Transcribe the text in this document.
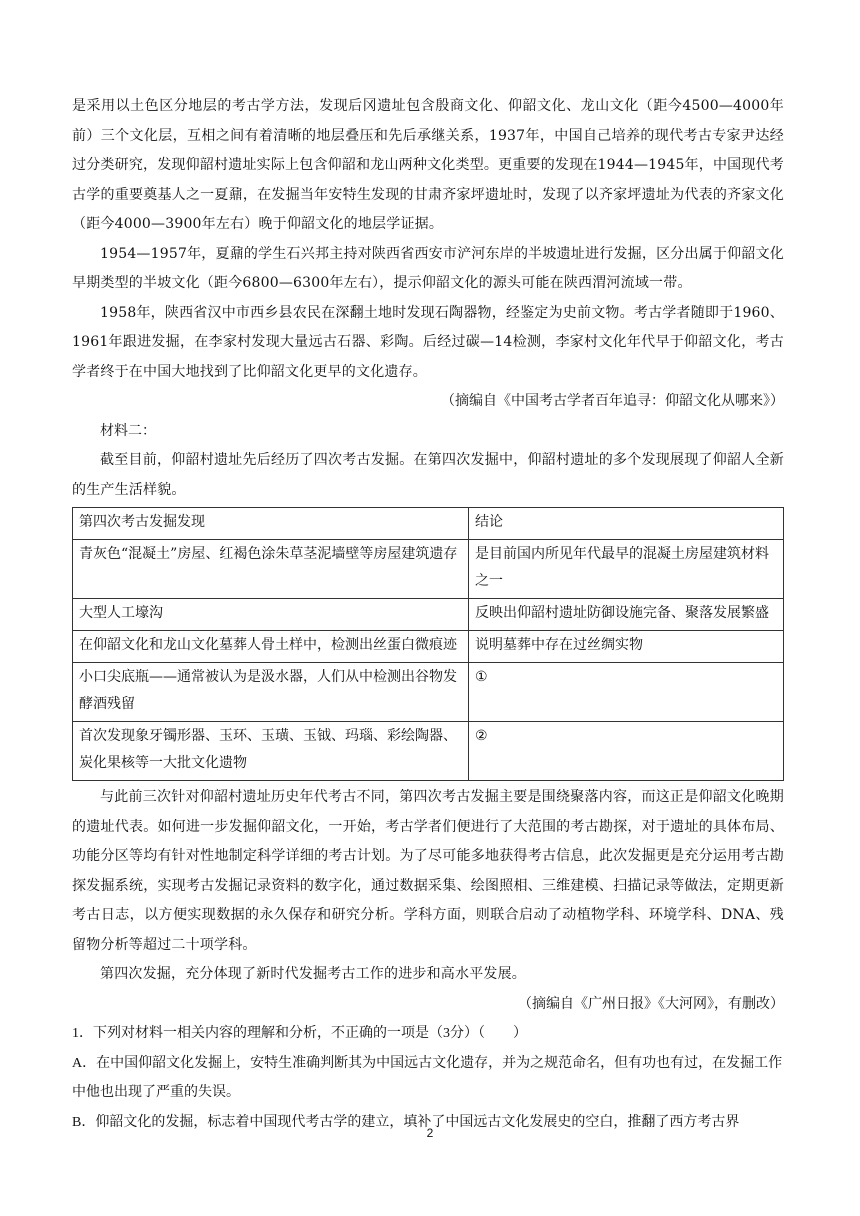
是采用以土色区分地层的考古学方法，发现后冈遗址包含殷商文化、仰韶文化、龙山文化（距今4500—4000年前）三个文化层，互相之间有着清晰的地层叠压和先后承继关系，1937年，中国自己培养的现代考古专家尹达经过分类研究，发现仰韶村遗址实际上包含仰韶和龙山两种文化类型。更重要的发现在1944—1945年，中国现代考古学的重要奠基人之一夏鼐，在发掘当年安特生发现的甘肃齐家坪遗址时，发现了以齐家坪遗址为代表的齐家文化（距今4000—3900年左右）晚于仰韶文化的地层学证据。

1954—1957年，夏鼐的学生石兴邦主持对陕西省西安市浐河东岸的半坡遗址进行发掘，区分出属于仰韶文化早期类型的半坡文化（距今6800—6300年左右），提示仰韶文化的源头可能在陕西渭河流域一带。

1958年，陕西省汉中市西乡县农民在深翻土地时发现石陶器物，经鉴定为史前文物。考古学者随即于1960、1961年跟进发掘，在李家村发现大量远古石器、彩陶。后经过碳—14检测，李家村文化年代早于仰韶文化，考古学者终于在中国大地找到了比仰韶文化更早的文化遗存。

（摘编自《中国考古学者百年追寻：仰韶文化从哪来》）

材料二：

截至目前，仰韶村遗址先后经历了四次考古发掘。在第四次发掘中，仰韶村遗址的多个发现展现了仰韶人全新的生产生活样貌。

第四次考古发掘发现	结论
青灰色“混凝土”房屋、红褐色涂朱草茎泥墙壁等房屋建筑遗存	是目前国内所见年代最早的混凝土房屋建筑材料之一
大型人工壕沟	反映出仰韶村遗址防御设施完备、聚落发展繁盛
在仰韶文化和龙山文化墓葬人骨土样中，检测出丝蛋白微痕迹	说明墓葬中存在过丝绸实物
小口尖底瓶——通常被认为是汲水器，人们从中检测出谷物发酵酒残留	①
首次发现象牙镯形器、玉环、玉璜、玉钺、玛瑙、彩绘陶器、炭化果核等一大批文化遗物	②

与此前三次针对仰韶村遗址历史年代考古不同，第四次考古发掘主要是围绕聚落内容，而这正是仰韶文化晚期的遗址代表。如何进一步发掘仰韶文化，一开始，考古学者们便进行了大范围的考古勘探，对于遗址的具体布局、功能分区等均有针对性地制定科学详细的考古计划。为了尽可能多地获得考古信息，此次发掘更是充分运用考古勘探发掘系统，实现考古发掘记录资料的数字化，通过数据采集、绘图照相、三维建模、扫描记录等做法，定期更新考古日志，以方便实现数据的永久保存和研究分析。学科方面，则联合启动了动植物学科、环境学科、DNA、残留物分析等超过二十项学科。

第四次发掘，充分体现了新时代发掘考古工作的进步和高水平发展。

（摘编自《广州日报》《大河网》，有删改）

1．下列对材料一相关内容的理解和分析，不正确的一项是（3分）（　　）

A．在中国仰韶文化发掘上，安特生准确判断其为中国远古文化遗存，并为之规范命名，但有功也有过，在发掘工作中他也出现了严重的失误。

B．仰韶文化的发掘，标志着中国现代考古学的建立，填补了中国远古文化发展史的空白，推翻了西方考古界

2
